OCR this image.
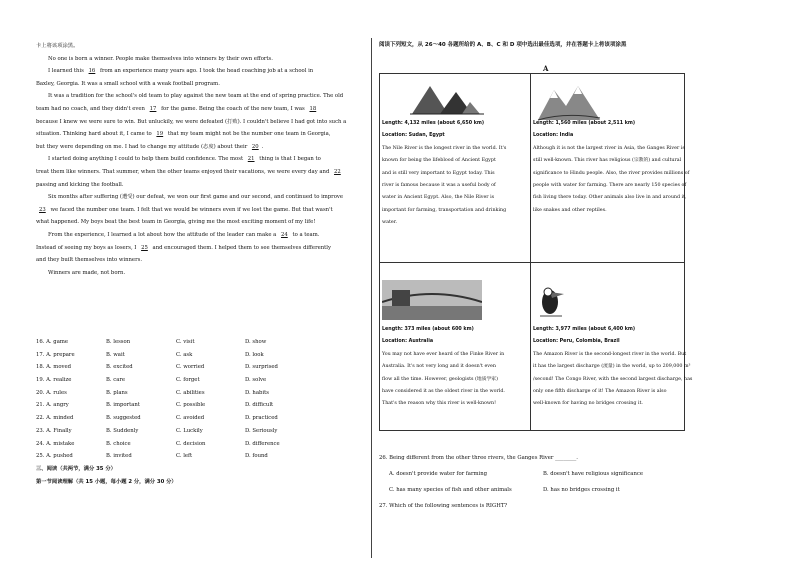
卡上将该项涂黑。

No one is born a winner. People make themselves into winners by their own efforts.

I learned this 16 from an experience many years ago. I took the head coaching job at a school in

Baxley, Georgia. It was a small school with a weak football program.

It was a tradition for the school's old team to play against the new team at the end of spring practice. The old

team had no coach, and they didn't even 17 for the game. Being the coach of the new team, I was 18

because I knew we were sure to win. But unluckily, we were defeated (打败). I couldn't believe I had got into such a

situation. Thinking hard about it, I came to 19 that my team might not be the number one team in Georgia,

but they were depending on me. I had to change my attitude (态度) about their 20 .

I started doing anything I could to help them build confidence. The most 21 thing is that I began to

treat them like winners. That summer, when the other teams enjoyed their vacations, we were every day and 22

passing and kicking the football.

Six months after suffering (遭受) our defeat, we won our first game and our second, and continued to improve

23 we faced the number one team. I felt that we would be winners even if we lost the game. But that wasn't

what happened. My boys beat the best team in Georgia, giving me the most exciting moment of my life!

From the experience, I learned a lot about how the attitude of the leader can make a 24 to a team.

Instead of seeing my boys as losers, I 25 and encouraged them. I helped them to see themselves differently

and they built themselves into winners.

Winners are made, not born.

16. A. game	B. lesson	C. visit	D. show
17. A. prepare	B. wait	C. ask	D. look
18. A. moved	B. excited	C. worried	D. surprised
19. A. realize	B. care	C. forget	D. solve
20. A. rules	B. plans	C. abilities	D. habits
21. A. angry	B. important	C. possible	D. difficult
22. A. minded	B. suggested	C. avoided	D. practiced
23. A. Finally	B. Suddenly	C. Luckily	D. Seriously
24. A. mistake	B. choice	C. decision	D. difference
25. A. pushed	B. invited	C. left	D. found
三、阅读（共两节，满分 35 分）
第一节阅读理解（共 15 小题，每小题 2 分，满分 30 分）
阅读下列短文，从 26～40 各题所给的 A、B、C 和 D 项中选出最佳选项，并在答题卡上将该项涂黑
A

Length: 4,132 miles (about 6,650 km)

Location: Sudan, Egypt

The Nile River is the longest river in the world. It's

known for being the lifeblood of Ancient Egypt

and is still very important to Egypt today. This

river is famous because it was a useful body of

water in Ancient Egypt. Also, the Nile River is

important for farming, transportation and drinking

water.

Length: 1,560 miles (about 2,511 km)

Location: India

Although it is not the largest river in Asia, the Ganges River is

still well-known. This river has religious (宗教的) and cultural

significance to Hindu people. Also, the river provides millions of

people with water for farming. There are nearly 150 species of

fish living there today. Other animals also live in and around it,

like snakes and other reptiles.

Length: 373 miles (about 600 km)

Location: Australia

You may not have ever heard of the Finke River in

Australia. It's not very long and it doesn't even

flow all the time. However, geologists (地质学家)

have considered it as the oldest river in the world.

That's the reason why this river is well-known!

Length: 3,977 miles (about 6,400 km)

Location: Peru, Colombia, Brazil

The Amazon River is the second-longest river in the world. But

it has the largest discharge (流量) in the world, up to 209,000 m³

/second! The Congo River, with the second largest discharge, has

only one fifth discharge of it! The Amazon River is also

well-known for having no bridges crossing it.

26. Being different from the other three rivers, the Ganges River ________.
A. doesn't provide water for farming	B. doesn't have religious significance
C. has many species of fish and other animals	D. has no bridges crossing it
27. Which of the following sentences is RIGHT?
